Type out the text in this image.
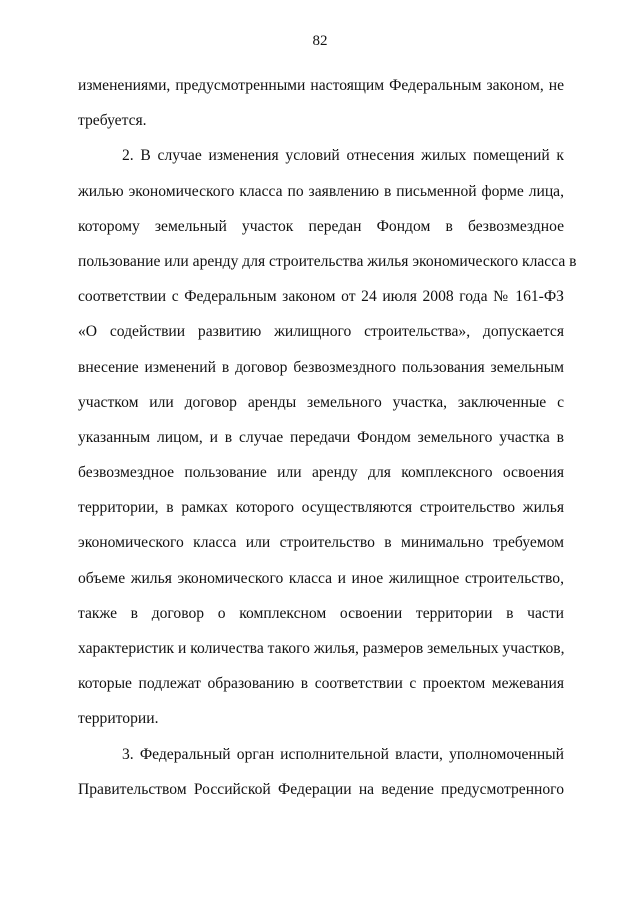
82

изменениями, предусмотренными настоящим Федеральным законом, не
требуется.

2. В случае изменения условий отнесения жилых помещений к
жилью экономического класса по заявлению в письменной форме лица,
которому земельный участок передан Фондом в безвозмездное
пользование или аренду для строительства жилья экономического класса в
соответствии с Федеральным законом от 24 июля 2008 года № 161-ФЗ
«О содействии развитию жилищного строительства», допускается
внесение изменений в договор безвозмездного пользования земельным
участком или договор аренды земельного участка, заключенные с
указанным лицом, и в случае передачи Фондом земельного участка в
безвозмездное пользование или аренду для комплексного освоения
территории, в рамках которого осуществляются строительство жилья
экономического класса или строительство в минимально требуемом
объеме жилья экономического класса и иное жилищное строительство,
также в договор о комплексном освоении территории в части
характеристик и количества такого жилья, размеров земельных участков,
которые подлежат образованию в соответствии с проектом межевания
территории.

3. Федеральный орган исполнительной власти, уполномоченный
Правительством Российской Федерации на ведение предусмотренного
